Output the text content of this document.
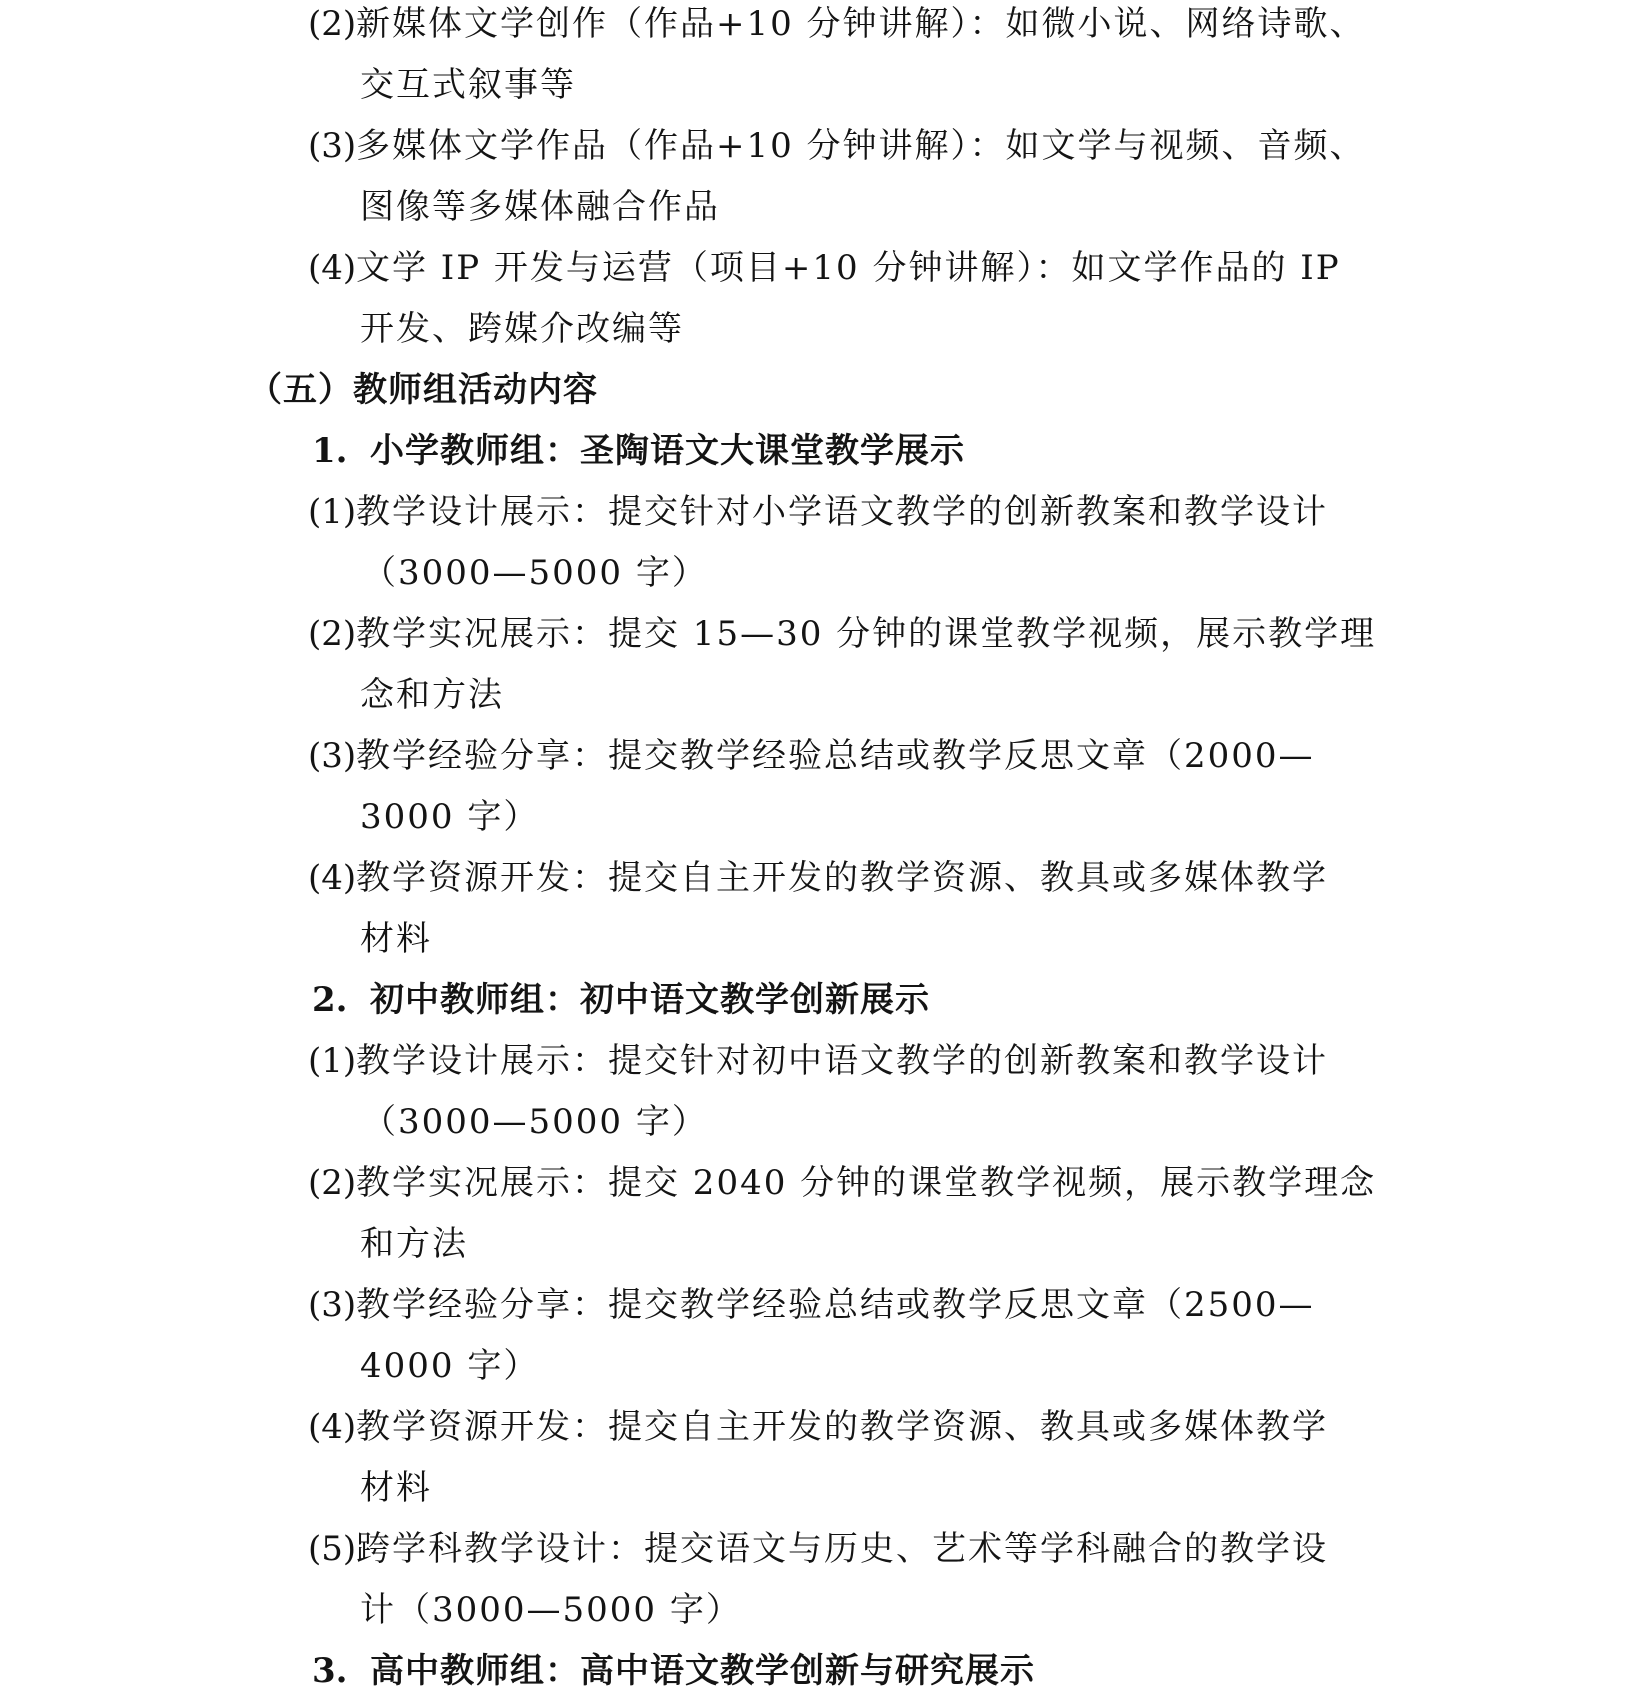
(2)新媒体文学创作（作品+10 分钟讲解）：如微小说、网络诗歌、
交互式叙事等
(3)多媒体文学作品（作品+10 分钟讲解）：如文学与视频、音频、
图像等多媒体融合作品
(4)文学 IP 开发与运营（项目+10 分钟讲解）：如文学作品的 IP
开发、跨媒介改编等
（五）教师组活动内容
1. 小学教师组：圣陶语文大课堂教学展示
(1)教学设计展示：提交针对小学语文教学的创新教案和教学设计
（3000—5000 字）
(2)教学实况展示：提交 15—30 分钟的课堂教学视频，展示教学理
念和方法
(3)教学经验分享：提交教学经验总结或教学反思文章（2000—
3000 字）
(4)教学资源开发：提交自主开发的教学资源、教具或多媒体教学
材料
2. 初中教师组：初中语文教学创新展示
(1)教学设计展示：提交针对初中语文教学的创新教案和教学设计
（3000—5000 字）
(2)教学实况展示：提交 2040 分钟的课堂教学视频，展示教学理念
和方法
(3)教学经验分享：提交教学经验总结或教学反思文章（2500—
4000 字）
(4)教学资源开发：提交自主开发的教学资源、教具或多媒体教学
材料
(5)跨学科教学设计：提交语文与历史、艺术等学科融合的教学设
计（3000—5000 字）
3. 高中教师组：高中语文教学创新与研究展示
